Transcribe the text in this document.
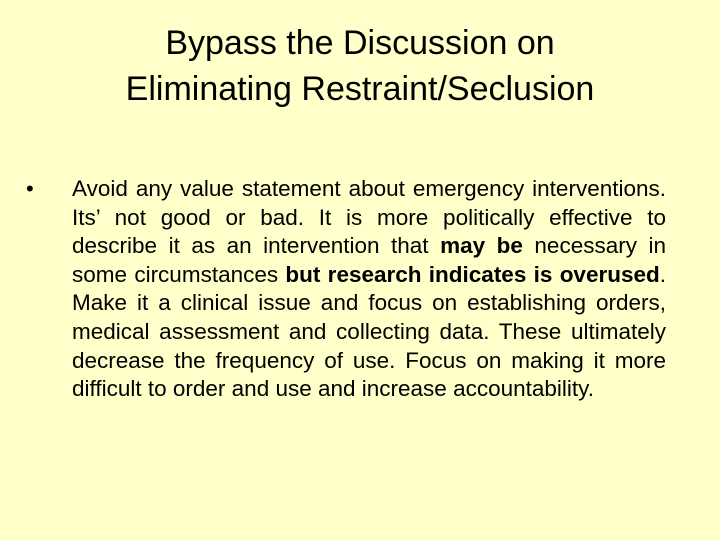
Bypass the Discussion on
Eliminating Restraint/Seclusion
• Avoid any value statement about emergency interventions. Its’ not good or bad. It is more politically effective to describe it as an intervention that may be necessary in some circumstances but research indicates is overused. Make it a clinical issue and focus on establishing orders, medical assessment and collecting data. These ultimately decrease the frequency of use. Focus on making it more difficult to order and use and increase accountability.
